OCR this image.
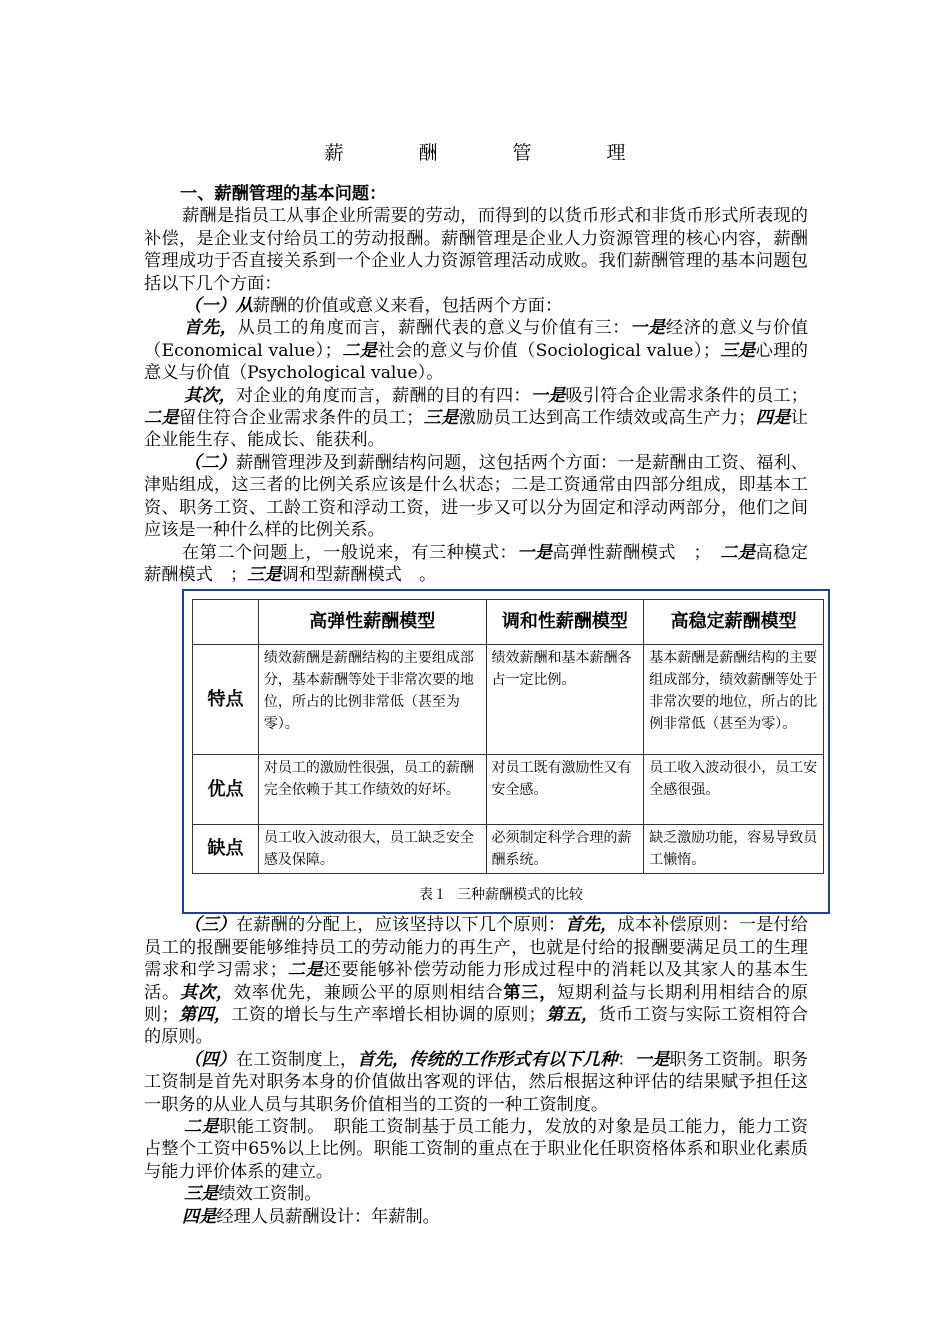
薪　酬　管　理

一、薪酬管理的基本问题：

薪酬是指员工从事企业所需要的劳动，而得到的以货币形式和非货币形式所表现的补偿，是企业支付给员工的劳动报酬。薪酬管理是企业人力资源管理的核心内容，薪酬管理成功于否直接关系到一个企业人力资源管理活动成败。我们薪酬管理的基本问题包括以下几个方面：

（一）从薪酬的价值或意义来看，包括两个方面：

首先，从员工的角度而言，薪酬代表的意义与价值有三：一是经济的意义与价值（Economical value）；二是社会的意义与价值（Sociological value）；三是心理的意义与价值（Psychological value）。

其次，对企业的角度而言，薪酬的目的有四：一是吸引符合企业需求条件的员工；二是留住符合企业需求条件的员工；三是激励员工达到高工作绩效或高生产力；四是让企业能生存、能成长、能获利。

（二）薪酬管理涉及到薪酬结构问题，这包括两个方面：一是薪酬由工资、福利、津贴组成，这三者的比例关系应该是什么状态；二是工资通常由四部分组成，即基本工资、职务工资、工龄工资和浮动工资，进一步又可以分为固定和浮动两部分，他们之间应该是一种什么样的比例关系。

在第二个问题上，一般说来，有三种模式：一是高弹性薪酬模式　；　二是高稳定薪酬模式　；三是调和型薪酬模式　。

	高弹性薪酬模型	调和性薪酬模型	高稳定薪酬模型
特点	绩效薪酬是薪酬结构的主要组成部分，基本薪酬等处于非常次要的地位，所占的比例非常低（甚至为零）。	绩效薪酬和基本薪酬各占一定比例。	基本薪酬是薪酬结构的主要组成部分，绩效薪酬等处于非常次要的地位，所占的比例非常低（甚至为零）。
优点	对员工的激励性很强，员工的薪酬完全依赖于其工作绩效的好坏。	对员工既有激励性又有安全感。	员工收入波动很小，员工安全感很强。
缺点	员工收入波动很大，员工缺乏安全感及保障。	必须制定科学合理的薪酬系统。	缺乏激励功能，容易导致员工懒惰。
表１ 三种薪酬模式的比较

（三）在薪酬的分配上，应该坚持以下几个原则：首先，成本补偿原则：一是付给员工的报酬要能够维持员工的劳动能力的再生产，也就是付给的报酬要满足员工的生理需求和学习需求；二是还要能够补偿劳动能力形成过程中的消耗以及其家人的基本生活。其次，效率优先，兼顾公平的原则相结合第三，短期利益与长期利用相结合的原则；第四，工资的增长与生产率增长相协调的原则；第五，货币工资与实际工资相符合的原则。

（四）在工资制度上，首先，传统的工作形式有以下几种：一是职务工资制。职务工资制是首先对职务本身的价值做出客观的评估，然后根据这种评估的结果赋予担任这一职务的从业人员与其职务价值相当的工资的一种工资制度。

二是职能工资制。　职能工资制基于员工能力，发放的对象是员工能力，能力工资占整个工资中65%以上比例。职能工资制的重点在于职业化任职资格体系和职业化素质与能力评价体系的建立。

三是绩效工资制。

四是经理人员薪酬设计：年薪制。
